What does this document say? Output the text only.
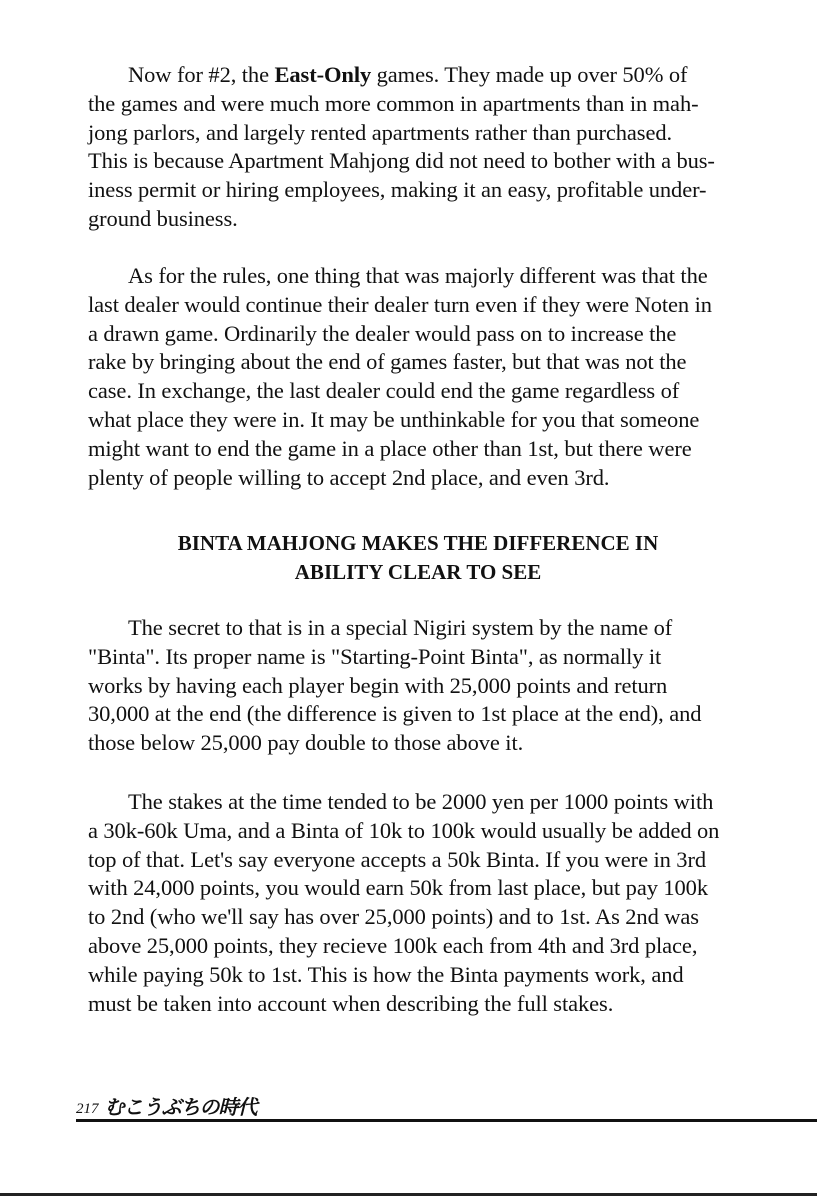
Now for #2, the East-Only games. They made up over 50% of
the games and were much more common in apartments than in mah-
jong parlors, and largely rented apartments rather than purchased.
This is because Apartment Mahjong did not need to bother with a bus-
iness permit or hiring employees, making it an easy, profitable under-
ground business.

As for the rules, one thing that was majorly different was that the
last dealer would continue their dealer turn even if they were Noten in
a drawn game. Ordinarily the dealer would pass on to increase the
rake by bringing about the end of games faster, but that was not the
case. In exchange, the last dealer could end the game regardless of
what place they were in. It may be unthinkable for you that someone
might want to end the game in a place other than 1st, but there were
plenty of people willing to accept 2nd place, and even 3rd.

BINTA MAHJONG MAKES THE DIFFERENCE IN
ABILITY CLEAR TO SEE

The secret to that is in a special Nigiri system by the name of
"Binta". Its proper name is "Starting-Point Binta", as normally it
works by having each player begin with 25,000 points and return
30,000 at the end (the difference is given to 1st place at the end), and
those below 25,000 pay double to those above it.

The stakes at the time tended to be 2000 yen per 1000 points with
a 30k-60k Uma, and a Binta of 10k to 100k would usually be added on
top of that. Let's say everyone accepts a 50k Binta. If you were in 3rd
with 24,000 points, you would earn 50k from last place, but pay 100k
to 2nd (who we'll say has over 25,000 points) and to 1st. As 2nd was
above 25,000 points, they recieve 100k each from 4th and 3rd place,
while paying 50k to 1st. This is how the Binta payments work, and
must be taken into account when describing the full stakes.

217 むこうぶちの時代
